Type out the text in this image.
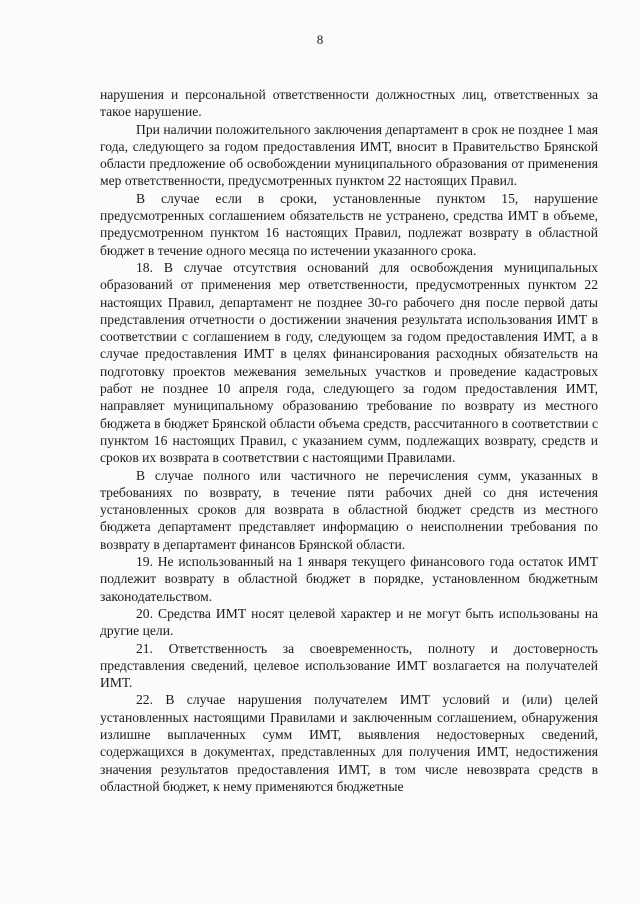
8

нарушения и персональной ответственности должностных лиц, ответственных за такое нарушение.

При наличии положительного заключения департамент в срок не позднее 1 мая года, следующего за годом предоставления ИМТ, вносит в Правительство Брянской области предложение об освобождении муниципального образования от применения мер ответственности, предусмотренных пунктом 22 настоящих Правил.

В случае если в сроки, установленные пунктом 15, нарушение предусмотренных соглашением обязательств не устранено, средства ИМТ в объеме, предусмотренном пунктом 16 настоящих Правил, подлежат возврату в областной бюджет в течение одного месяца по истечении указанного срока.

18. В случае отсутствия оснований для освобождения муниципальных образований от применения мер ответственности, предусмотренных пунктом 22 настоящих Правил, департамент не позднее 30-го рабочего дня после первой даты представления отчетности о достижении значения результата использования ИМТ в соответствии с соглашением в году, следующем за годом предоставления ИМТ, а в случае предоставления ИМТ в целях финансирования расходных обязательств на подготовку проектов межевания земельных участков и проведение кадастровых работ не позднее 10 апреля года, следующего за годом предоставления ИМТ, направляет муниципальному образованию требование по возврату из местного бюджета в бюджет Брянской области объема средств, рассчитанного в соответствии с пунктом 16 настоящих Правил, с указанием сумм, подлежащих возврату, средств и сроков их возврата в соответствии с настоящими Правилами.

В случае полного или частичного не перечисления сумм, указанных в требованиях по возврату, в течение пяти рабочих дней со дня истечения установленных сроков для возврата в областной бюджет средств из местного бюджета департамент представляет информацию о неисполнении требования по возврату в департамент финансов Брянской области.

19. Не использованный на 1 января текущего финансового года остаток ИМТ подлежит возврату в областной бюджет в порядке, установленном бюджетным законодательством.

20. Средства ИМТ носят целевой характер и не могут быть использованы на другие цели.

21. Ответственность за своевременность, полноту и достоверность представления сведений, целевое использование ИМТ возлагается на получателей ИМТ.

22. В случае нарушения получателем ИМТ условий и (или) целей установленных настоящими Правилами и заключенным соглашением, обнаружения излишне выплаченных сумм ИМТ, выявления недостоверных сведений, содержащихся в документах, представленных для получения ИМТ, недостижения значения результатов предоставления ИМТ, в том числе невозврата средств в областной бюджет, к нему применяются бюджетные
